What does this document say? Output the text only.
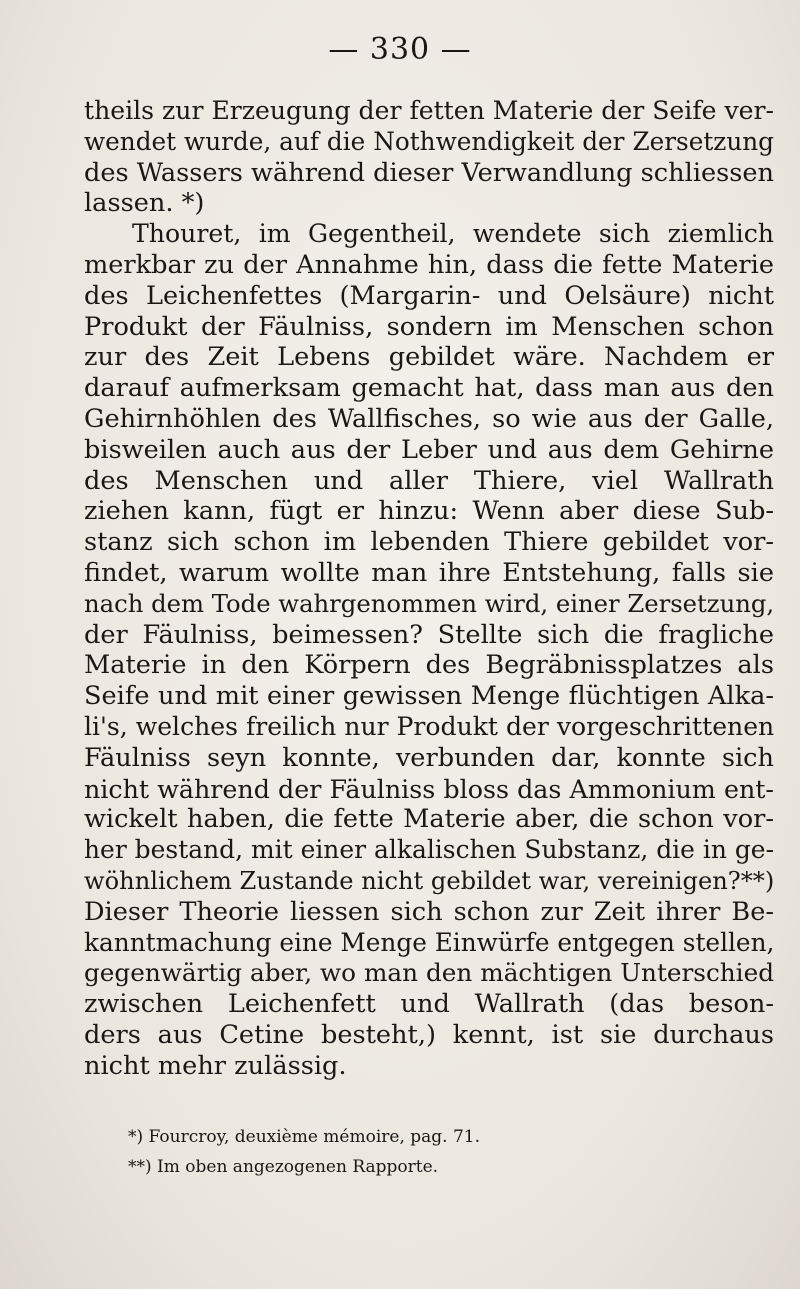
— 330 —
theils zur Erzeugung der fetten Materie der Seife ver-
wendet wurde, auf die Nothwendigkeit der Zersetzung
des Wassers während dieser Verwandlung schliessen
lassen. *)
Thouret, im Gegentheil, wendete sich ziemlich
merkbar zu der Annahme hin, dass die fette Materie
des Leichenfettes (Margarin- und Oelsäure) nicht
Produkt der Fäulniss, sondern im Menschen schon
zur des Zeit Lebens gebildet wäre. Nachdem er
darauf aufmerksam gemacht hat, dass man aus den
Gehirnhöhlen des Wallfisches, so wie aus der Galle,
bisweilen auch aus der Leber und aus dem Gehirne
des Menschen und aller Thiere, viel Wallrath
ziehen kann, fügt er hinzu: Wenn aber diese Sub-
stanz sich schon im lebenden Thiere gebildet vor-
findet, warum wollte man ihre Entstehung, falls sie
nach dem Tode wahrgenommen wird, einer Zersetzung,
der Fäulniss, beimessen? Stellte sich die fragliche
Materie in den Körpern des Begräbnissplatzes als
Seife und mit einer gewissen Menge flüchtigen Alka-
li's, welches freilich nur Produkt der vorgeschrittenen
Fäulniss seyn konnte, verbunden dar, konnte sich
nicht während der Fäulniss bloss das Ammonium ent-
wickelt haben, die fette Materie aber, die schon vor-
her bestand, mit einer alkalischen Substanz, die in ge-
wöhnlichem Zustande nicht gebildet war, vereinigen?**)
Dieser Theorie liessen sich schon zur Zeit ihrer Be-
kanntmachung eine Menge Einwürfe entgegen stellen,
gegenwärtig aber, wo man den mächtigen Unterschied
zwischen Leichenfett und Wallrath (das beson-
ders aus Cetine besteht,) kennt, ist sie durchaus
nicht mehr zulässig.
*) Fourcroy, deuxième mémoire, pag. 71.
**) Im oben angezogenen Rapporte.
